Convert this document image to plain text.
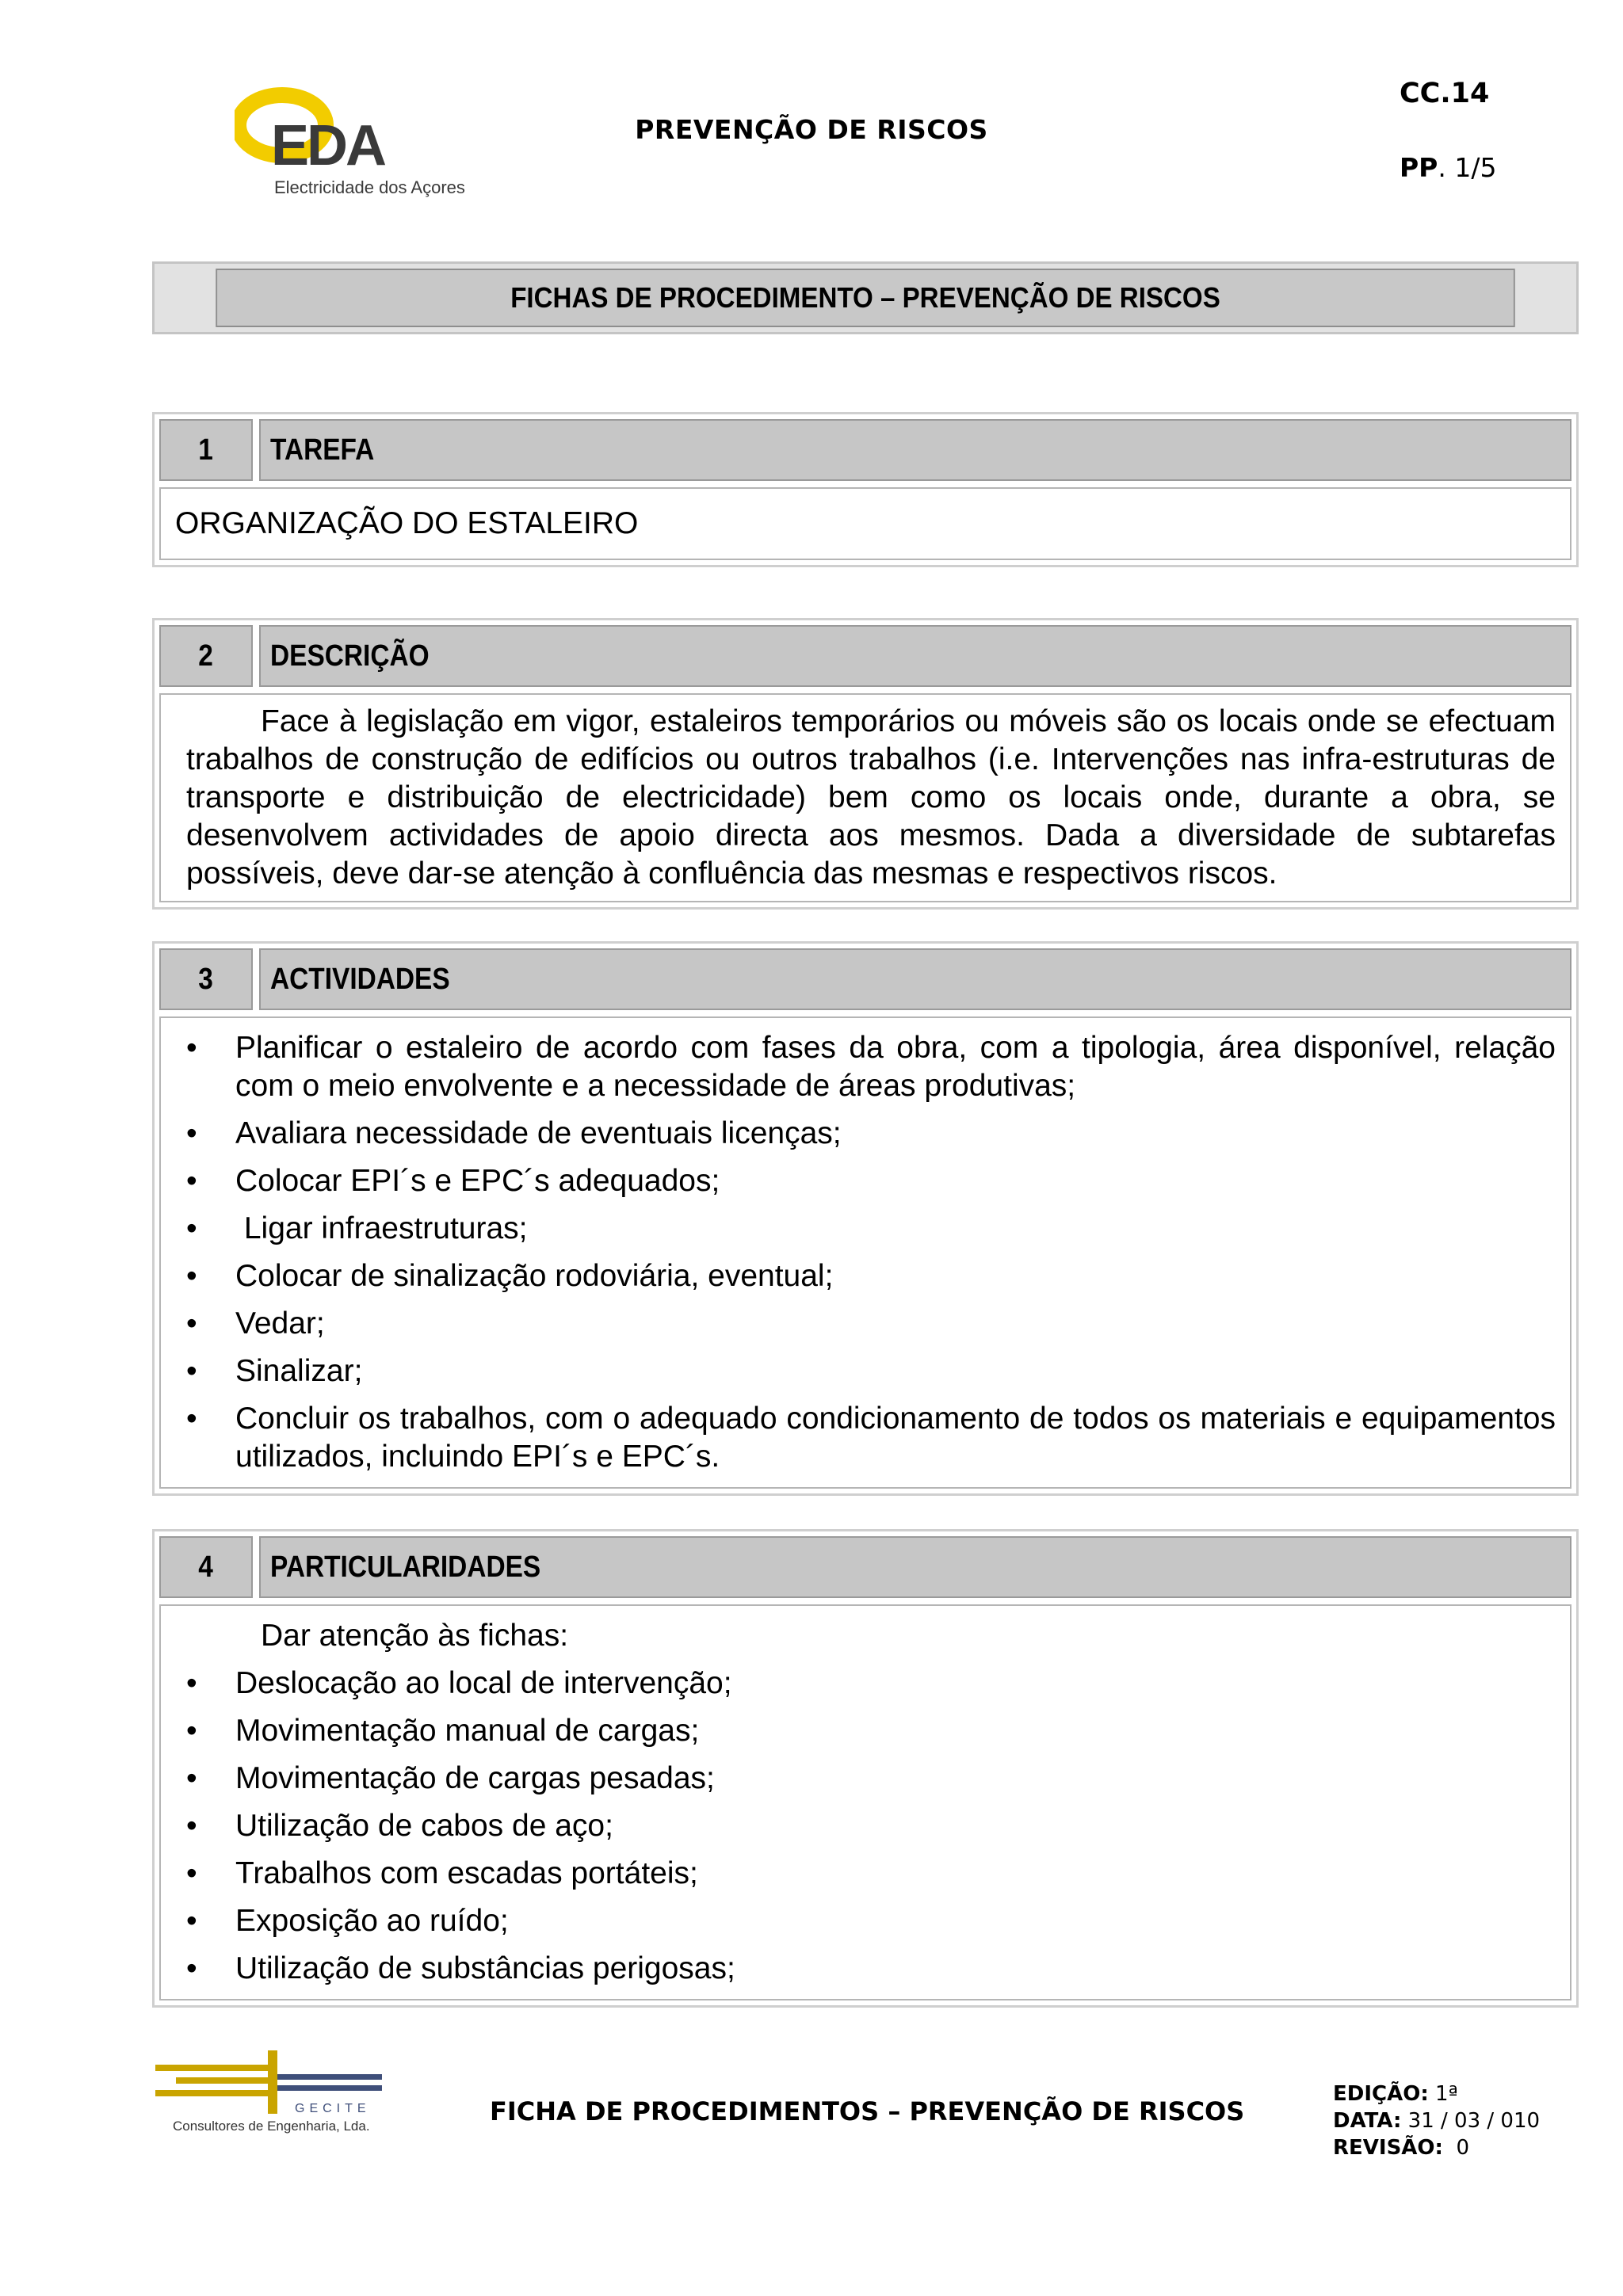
EDA
Electricidade dos Açores
PREVENÇÃO DE RISCOS
CC.14
PP. 1/5
FICHAS DE PROCEDIMENTO – PREVENÇÃO DE RISCOS
1 TAREFA
ORGANIZAÇÃO DO ESTALEIRO
2 DESCRIÇÃO

Face à legislação em vigor, estaleiros temporários ou móveis são os locais onde se efectuam trabalhos de construção de edifícios ou outros trabalhos (i.e. Intervenções nas infra-estruturas de transporte e distribuição de electricidade) bem como os locais onde, durante a obra, se desenvolvem actividades de apoio directa aos mesmos. Dada a diversidade de subtarefas possíveis, deve dar-se atenção à confluência das mesmas e respectivos riscos.

3 ACTIVIDADES
• Planificar o estaleiro de acordo com fases da obra, com a tipologia, área disponível, relação com o meio envolvente e a necessidade de áreas produtivas;
• Avaliara necessidade de eventuais licenças;
• Colocar EPI´s e EPC´s adequados;
•  Ligar infraestruturas;
• Colocar de sinalização rodoviária, eventual;
• Vedar;
• Sinalizar;
• Concluir os trabalhos, com o adequado condicionamento de todos os materiais e equipamentos utilizados, incluindo EPI´s e EPC´s.
4 PARTICULARIDADES

Dar atenção às fichas:

• Deslocação ao local de intervenção;
• Movimentação manual de cargas;
• Movimentação de cargas pesadas;
• Utilização de cabos de aço;
• Trabalhos com escadas portáteis;
• Exposição ao ruído;
• Utilização de substâncias perigosas;
GECITE
Consultores de Engenharia, Lda.	FICHA DE PROCEDIMENTOS – PREVENÇÃO DE RISCOS
EDIÇÃO: 1ª
DATA: 31 / 03 / 010
REVISÃO:  0
